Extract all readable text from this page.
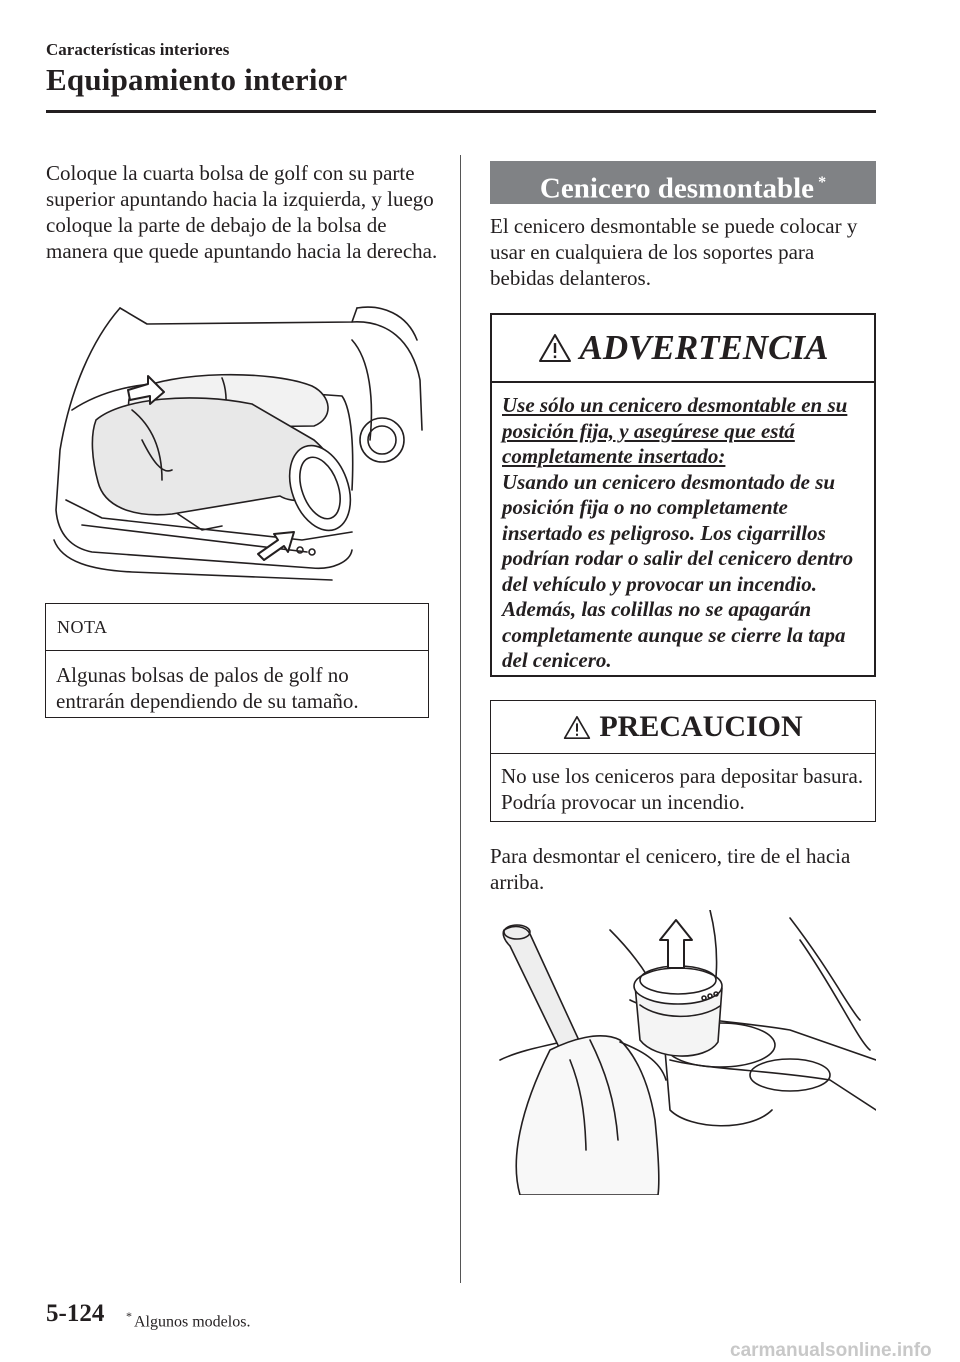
Características interiores
Equipamiento interior
Coloque la cuarta bolsa de golf con su parte superior apuntando hacia la izquierda, y luego coloque la parte de debajo de la bolsa de manera que quede apuntando hacia la derecha.
NOTA
Algunas bolsas de palos de golf no entrarán dependiendo de su tamaño.
Cenicero desmontable *
El cenicero desmontable se puede colocar y usar en cualquiera de los soportes para bebidas delanteros.
ADVERTENCIA
Use sólo un cenicero desmontable en su posición fija, y asegúrese que está completamente insertado:
Usando un cenicero desmontado de su posición fija o no completamente insertado es peligroso. Los cigarrillos podrían rodar o salir del cenicero dentro del vehículo y provocar un incendio. Además, las colillas no se apagarán completamente aunque se cierre la tapa del cenicero.
PRECAUCION
No use los ceniceros para depositar basura. Podría provocar un incendio.
Para desmontar el cenicero, tire de el hacia arriba.
5-124 * Algunos modelos.
carmanualsonline.info
